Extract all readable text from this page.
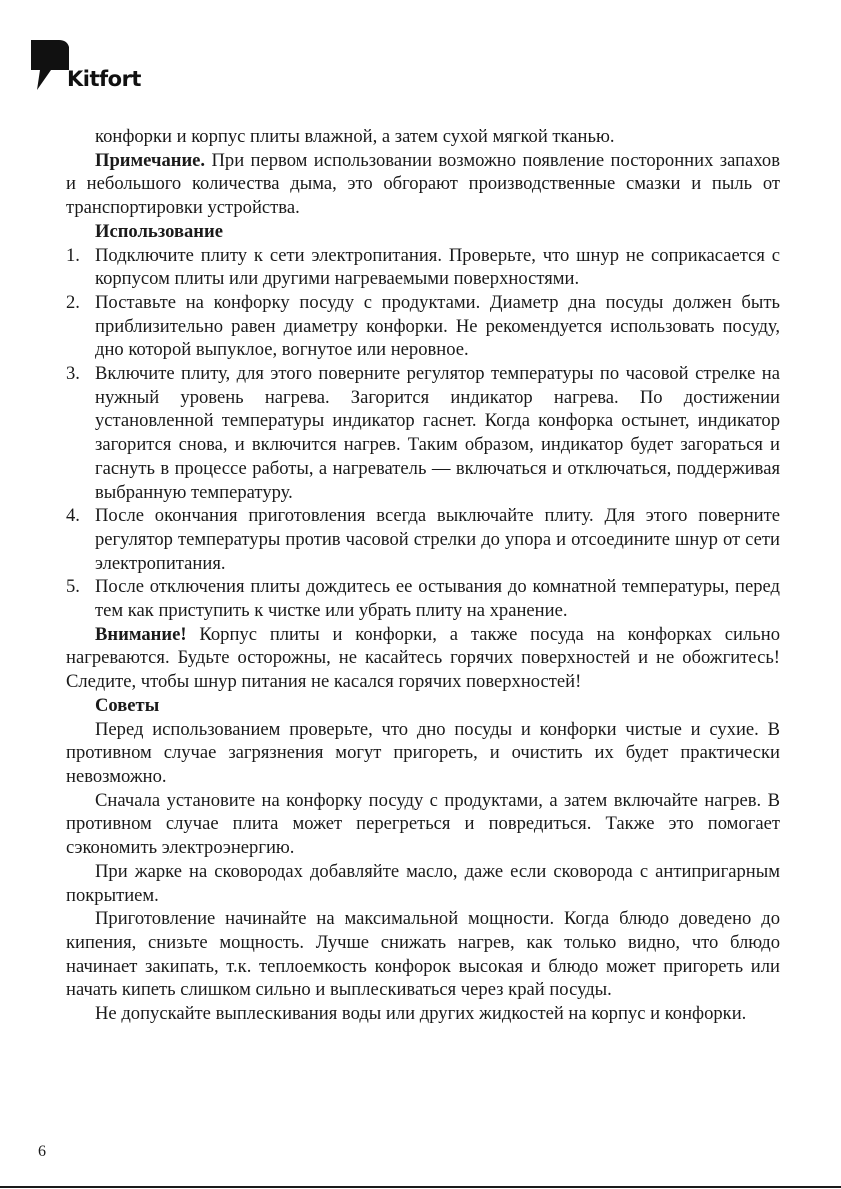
Kitfort

конфорки и корпус плиты влажной, а затем сухой мягкой тканью.

Примечание. При первом использовании возможно появление посторонних запахов и небольшого количества дыма, это обгорают производственные смазки и пыль от транспортировки устройства.

Использование

1. Подключите плиту к сети электропитания. Проверьте, что шнур не соприкасается с корпусом плиты или другими нагреваемыми поверхностями.
2. Поставьте на конфорку посуду с продуктами. Диаметр дна посуды должен быть приблизительно равен диаметру конфорки. Не рекомендуется использовать посуду, дно которой выпуклое, вогнутое или неровное.
3. Включите плиту, для этого поверните регулятор температуры по часовой стрелке на нужный уровень нагрева. Загорится индикатор нагрева. По достижении установленной температуры индикатор гаснет. Когда конфорка остынет, индикатор загорится снова, и включится нагрев. Таким образом, индикатор будет загораться и гаснуть в процессе работы, а нагреватель — включаться и отключаться, поддерживая выбранную температуру.
4. После окончания приготовления всегда выключайте плиту. Для этого поверните регулятор температуры против часовой стрелки до упора и отсоедините шнур от сети электропитания.
5. После отключения плиты дождитесь ее остывания до комнатной температуры, перед тем как приступить к чистке или убрать плиту на хранение.

Внимание! Корпус плиты и конфорки, а также посуда на конфорках сильно нагреваются. Будьте осторожны, не касайтесь горячих поверхностей и не обожгитесь! Следите, чтобы шнур питания не касался горячих поверхностей!

Советы

Перед использованием проверьте, что дно посуды и конфорки чистые и сухие. В противном случае загрязнения могут пригореть, и очистить их будет практически невозможно.

Сначала установите на конфорку посуду с продуктами, а затем включайте нагрев. В противном случае плита может перегреться и повредиться. Также это помогает сэкономить электроэнергию.

При жарке на сковородах добавляйте масло, даже если сковорода с антипригарным покрытием.

Приготовление начинайте на максимальной мощности. Когда блюдо доведено до кипения, снизьте мощность. Лучше снижать нагрев, как только видно, что блюдо начинает закипать, т.к. теплоемкость конфорок высокая и блюдо может пригореть или начать кипеть слишком сильно и выплескиваться через край посуды.

Не допускайте выплескивания воды или других жидкостей на корпус и конфорки.

6
